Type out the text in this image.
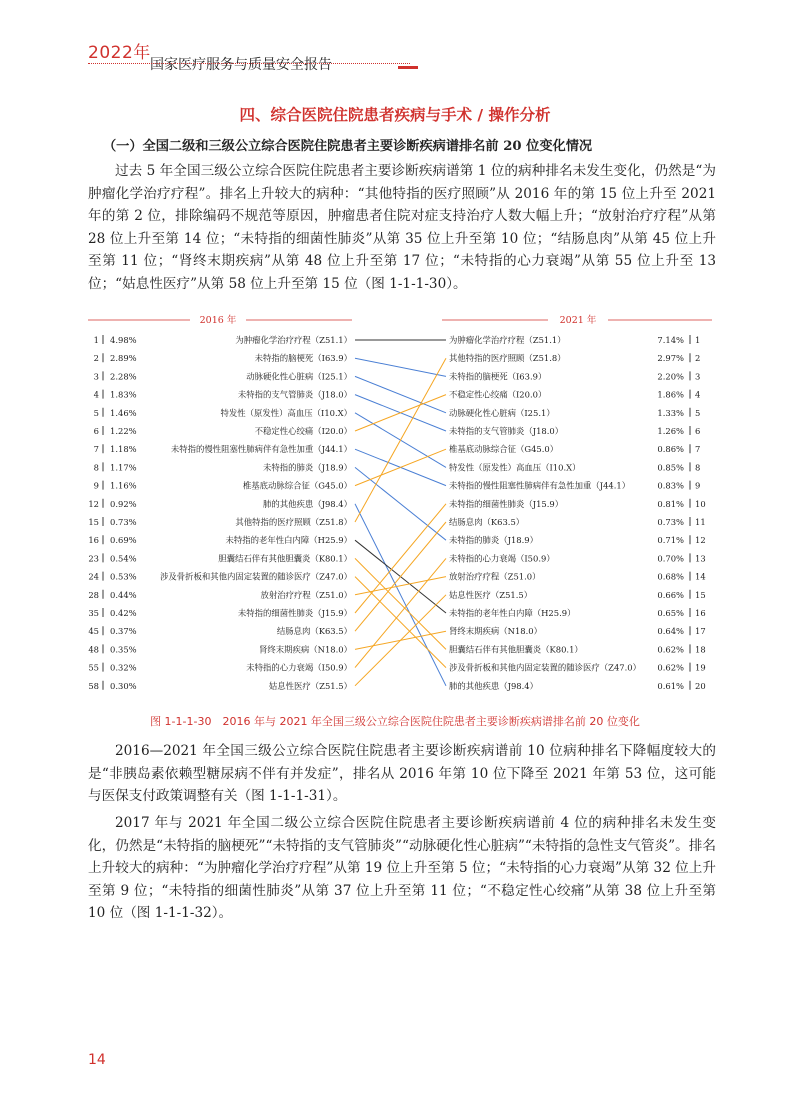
2022年
国家医疗服务与质量安全报告
四、综合医院住院患者疾病与手术 / 操作分析
（一）全国二级和三级公立综合医院住院患者主要诊断疾病谱排名前 20 位变化情况

过去 5 年全国三级公立综合医院住院患者主要诊断疾病谱第 1 位的病种排名未发生变化，仍然是“为肿瘤化学治疗疗程”。排名上升较大的病种：“其他特指的医疗照顾”从 2016 年的第 15 位上升至 2021 年的第 2 位，排除编码不规范等原因，肿瘤患者住院对症支持治疗人数大幅上升；“放射治疗疗程”从第 28 位上升至第 14 位；“未特指的细菌性肺炎”从第 35 位上升至第 10 位；“结肠息肉”从第 45 位上升至第 11 位；“肾终末期疾病”从第 48 位上升至第 17 位；“未特指的心力衰竭”从第 55 位上升至 13 位；“姑息性医疗”从第 58 位上升至第 15 位（图 1-1-1-30）。

2016 年	2021 年
1 4.98%	为肿瘤化学治疗疗程（Z51.1）
2 2.89%	未特指的脑梗死（I63.9）
3 2.28%	动脉硬化性心脏病（I25.1）
4 1.83%	未特指的支气管肺炎（J18.0）
5 1.46%	特发性（原发性）高血压（I10.X）
6 1.22%	不稳定性心绞痛（I20.0）
7 1.18%	未特指的慢性阻塞性肺病伴有急性加重（J44.1）
8 1.17%	未特指的肺炎（J18.9）
9 1.16%	椎基底动脉综合征（G45.0）
12 0.92%	肺的其他疾患（J98.4）
15 0.73%	其他特指的医疗照顾（Z51.8）
16 0.69%	未特指的老年性白内障（H25.9）
23 0.54%	胆囊结石伴有其他胆囊炎（K80.1）
24 0.53%	涉及骨折板和其他内固定装置的随诊医疗（Z47.0）
28 0.44%	放射治疗疗程（Z51.0）
35 0.42%	未特指的细菌性肺炎（J15.9）
45 0.37%	结肠息肉（K63.5）
48 0.35%	肾终末期疾病（N18.0）
55 0.32%	未特指的心力衰竭（I50.9）
58 0.30%	姑息性医疗（Z51.5）
为肿瘤化学治疗疗程（Z51.1）	7.14% 1
其他特指的医疗照顾（Z51.8）	2.97% 2
未特指的脑梗死（I63.9）	2.20% 3
不稳定性心绞痛（I20.0）	1.86% 4
动脉硬化性心脏病（I25.1）	1.33% 5
未特指的支气管肺炎（J18.0）	1.26% 6
椎基底动脉综合征（G45.0）	0.86% 7
特发性（原发性）高血压（I10.X）	0.85% 8
未特指的慢性阻塞性肺病伴有急性加重（J44.1）	0.83% 9
未特指的细菌性肺炎（J15.9）	0.81% 10
结肠息肉（K63.5）	0.73% 11
未特指的肺炎（J18.9）	0.71% 12
未特指的心力衰竭（I50.9）	0.70% 13
放射治疗疗程（Z51.0）	0.68% 14
姑息性医疗（Z51.5）	0.66% 15
未特指的老年性白内障（H25.9）	0.65% 16
肾终末期疾病（N18.0）	0.64% 17
胆囊结石伴有其他胆囊炎（K80.1）	0.62% 18
涉及骨折板和其他内固定装置的随诊医疗（Z47.0） 0.62% 19
肺的其他疾患（J98.4）	0.61% 20
图 1-1-1-30　2016 年与 2021 年全国三级公立综合医院住院患者主要诊断疾病谱排名前 20 位变化

2016—2021 年全国三级公立综合医院住院患者主要诊断疾病谱前 10 位病种排名下降幅度较大的是“非胰岛素依赖型糖尿病不伴有并发症”，排名从 2016 年第 10 位下降至 2021 年第 53 位，这可能与医保支付政策调整有关（图 1-1-1-31）。

2017 年与 2021 年全国二级公立综合医院住院患者主要诊断疾病谱前 4 位的病种排名未发生变化，仍然是“未特指的脑梗死”“未特指的支气管肺炎”“动脉硬化性心脏病”“未特指的急性支气管炎”。排名上升较大的病种：“为肿瘤化学治疗疗程”从第 19 位上升至第 5 位；“未特指的心力衰竭”从第 32 位上升至第 9 位；“未特指的细菌性肺炎”从第 37 位上升至第 11 位；“不稳定性心绞痛”从第 38 位上升至第 10 位（图 1-1-1-32）。

14
